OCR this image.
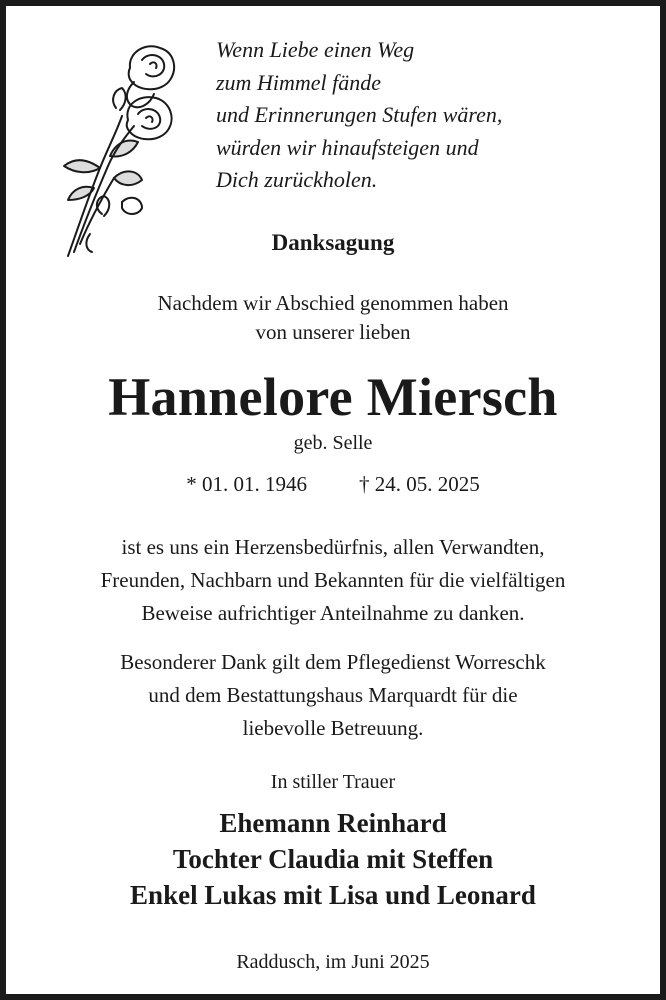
Wenn Liebe einen Weg
zum Himmel fände
und Erinnerungen Stufen wären,
würden wir hinaufsteigen und
Dich zurückholen.
Danksagung
Nachdem wir Abschied genommen haben
von unserer lieben
Hannelore Miersch
geb. Selle
* 01. 01. 1946 † 24. 05. 2025
ist es uns ein Herzensbedürfnis, allen Verwandten,
Freunden, Nachbarn und Bekannten für die vielfältigen
Beweise aufrichtiger Anteilnahme zu danken.
Besonderer Dank gilt dem Pflegedienst Worreschk
und dem Bestattungshaus Marquardt für die
liebevolle Betreuung.
In stiller Trauer
Ehemann Reinhard
Tochter Claudia mit Steffen
Enkel Lukas mit Lisa und Leonard
Raddusch, im Juni 2025
